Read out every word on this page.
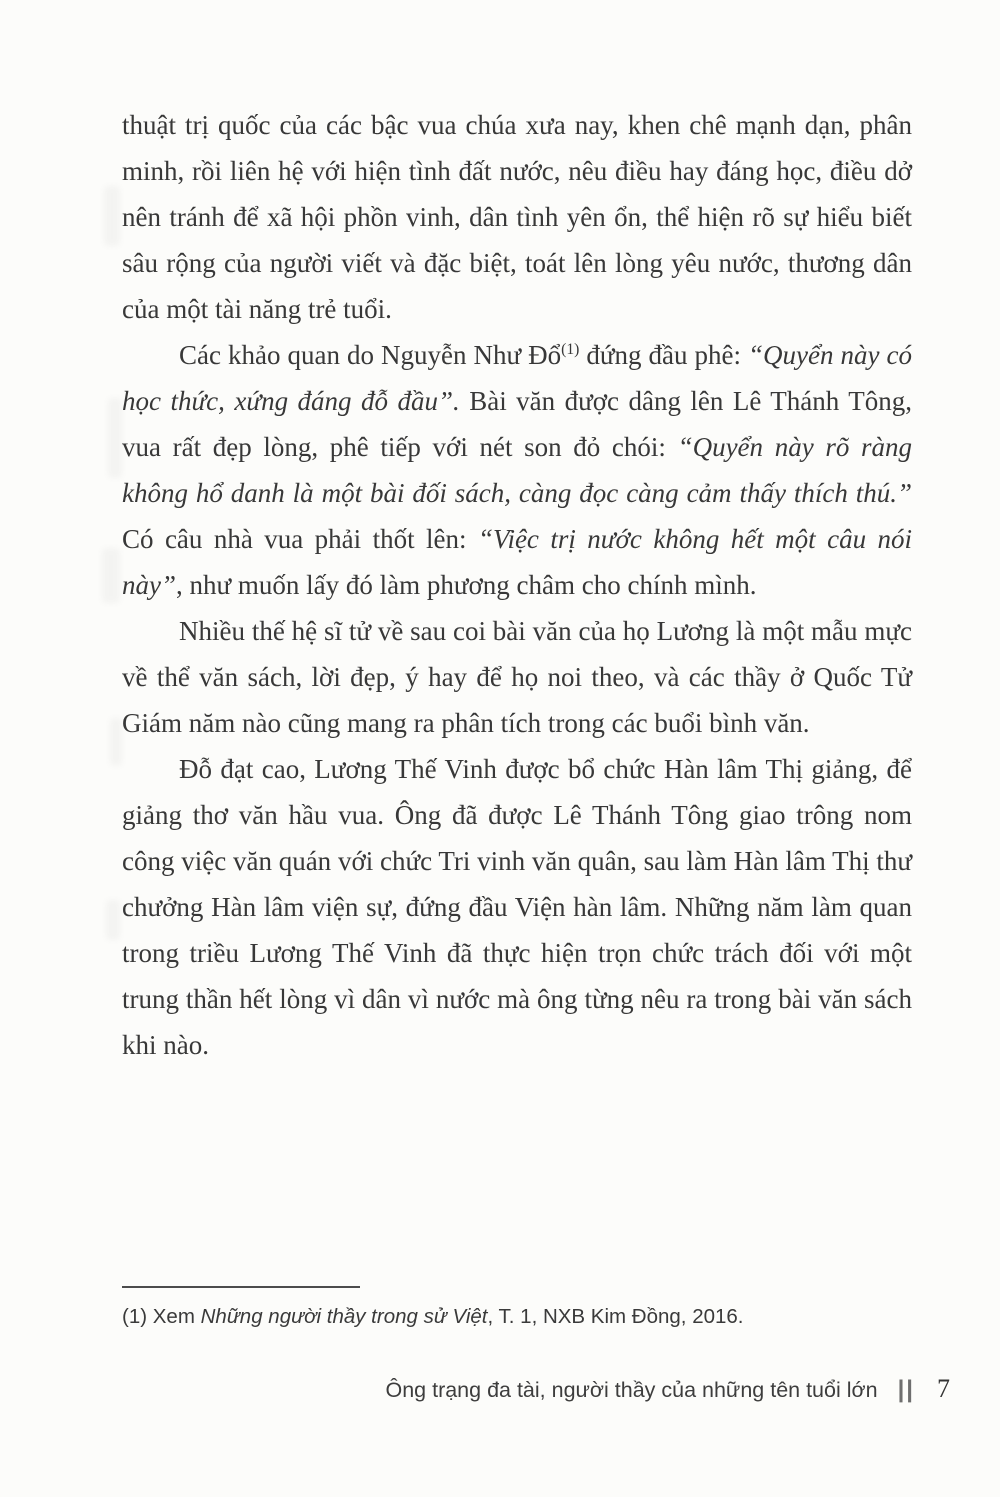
thuật trị quốc của các bậc vua chúa xưa nay, khen chê mạnh dạn, phân minh, rồi liên hệ với hiện tình đất nước, nêu điều hay đáng học, điều dở nên tránh để xã hội phồn vinh, dân tình yên ổn, thể hiện rõ sự hiểu biết sâu rộng của người viết và đặc biệt, toát lên lòng yêu nước, thương dân của một tài năng trẻ tuổi.

Các khảo quan do Nguyễn Như Đổ$^{(1)}$ đứng đầu phê: “Quyển này có học thức, xứng đáng đỗ đầu”. Bài văn được dâng lên Lê Thánh Tông, vua rất đẹp lòng, phê tiếp với nét son đỏ chói: “Quyển này rõ ràng không hổ danh là một bài đối sách, càng đọc càng cảm thấy thích thú.” Có câu nhà vua phải thốt lên: “Việc trị nước không hết một câu nói này”, như muốn lấy đó làm phương châm cho chính mình.

Nhiều thế hệ sĩ tử về sau coi bài văn của họ Lương là một mẫu mực về thể văn sách, lời đẹp, ý hay để họ noi theo, và các thầy ở Quốc Tử Giám năm nào cũng mang ra phân tích trong các buổi bình văn.

Đỗ đạt cao, Lương Thế Vinh được bổ chức Hàn lâm Thị giảng, để giảng thơ văn hầu vua. Ông đã được Lê Thánh Tông giao trông nom công việc văn quán với chức Tri vinh văn quân, sau làm Hàn lâm Thị thư chưởng Hàn lâm viện sự, đứng đầu Viện hàn lâm. Những năm làm quan trong triều Lương Thế Vinh đã thực hiện trọn chức trách đối với một trung thần hết lòng vì dân vì nước mà ông từng nêu ra trong bài văn sách khi nào.

(1) Xem Những người thầy trong sử Việt, T. 1, NXB Kim Đồng, 2016.

Ông trạng đa tài, người thầy của những tên tuổi lớn || 7
